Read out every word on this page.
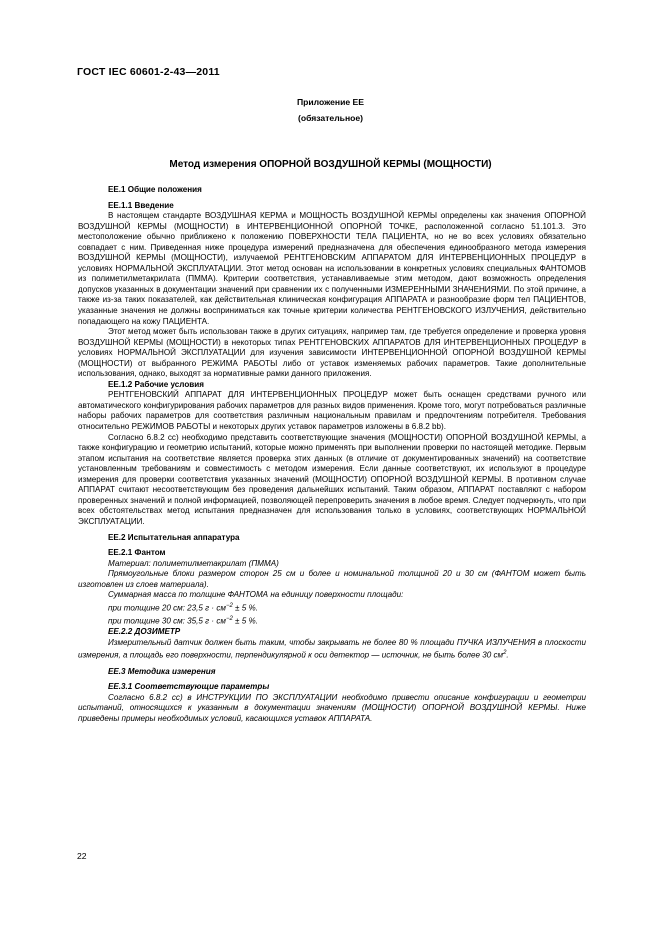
ГОСТ IEC 60601-2-43—2011
Приложение ЕЕ
(обязательное)
Метод измерения ОПОРНОЙ ВОЗДУШНОЙ КЕРМЫ (МОЩНОСТИ)

ЕЕ.1 Общие положения

ЕЕ.1.1 Введение

В настоящем стандарте ВОЗДУШНАЯ КЕРМА и МОЩНОСТЬ ВОЗДУШНОЙ КЕРМЫ определены как значения ОПОРНОЙ ВОЗДУШНОЙ КЕРМЫ (МОЩНОСТИ) в ИНТЕРВЕНЦИОННОЙ ОПОРНОЙ ТОЧКЕ, расположенной согласно 51.101.3. Это местоположение обычно приближено к положению ПОВЕРХНОСТИ ТЕЛА ПАЦИЕНТА, но не во всех условиях обязательно совпадает с ним. Приведенная ниже процедура измерений предназначена для обеспечения единообразного метода измерения ВОЗДУШНОЙ КЕРМЫ (МОЩНОСТИ), излучаемой РЕНТГЕНОВСКИМ АППАРАТОМ ДЛЯ ИНТЕРВЕНЦИОННЫХ ПРОЦЕДУР в условиях НОРМАЛЬНОЙ ЭКСПЛУАТАЦИИ. Этот метод основан на использовании в конкретных условиях специальных ФАНТОМОВ из полиметилметакрилата (ПММА). Критерии соответствия, устанавливаемые этим методом, дают возможность определения допусков указанных в документации значений при сравнении их с полученными ИЗМЕРЕННЫМИ ЗНАЧЕНИЯМИ. По этой причине, а также из-за таких показателей, как действительная клиническая конфигурация АППАРАТА и разнообразие форм тел ПАЦИЕНТОВ, указанные значения не должны восприниматься как точные критерии количества РЕНТГЕНОВСКОГО ИЗЛУЧЕНИЯ, действительно попадающего на кожу ПАЦИЕНТА.

Этот метод может быть использован также в других ситуациях, например там, где требуется определение и проверка уровня ВОЗДУШНОЙ КЕРМЫ (МОЩНОСТИ) в некоторых типах РЕНТГЕНОВСКИХ АППАРАТОВ ДЛЯ ИНТЕРВЕНЦИОННЫХ ПРОЦЕДУР в условиях НОРМАЛЬНОЙ ЭКСПЛУАТАЦИИ для изучения зависимости ИНТЕРВЕНЦИОННОЙ ОПОРНОЙ ВОЗДУШНОЙ КЕРМЫ (МОЩНОСТИ) от выбранного РЕЖИМА РАБОТЫ либо от уставок изменяемых рабочих параметров. Такие дополнительные использования, однако, выходят за нормативные рамки данного приложения.

ЕЕ.1.2 Рабочие условия

РЕНТГЕНОВСКИЙ АППАРАТ ДЛЯ ИНТЕРВЕНЦИОННЫХ ПРОЦЕДУР может быть оснащен средствами ручного или автоматического конфигурирования рабочих параметров для разных видов применения. Кроме того, могут потребоваться различные наборы рабочих параметров для соответствия различным национальным правилам и предпочтениям потребителя. Требования относительно РЕЖИМОВ РАБОТЫ и некоторых других уставок параметров изложены в 6.8.2 bb).

Согласно 6.8.2 cc) необходимо представить соответствующие значения (МОЩНОСТИ) ОПОРНОЙ ВОЗДУШНОЙ КЕРМЫ, а также конфигурацию и геометрию испытаний, которые можно применять при выполнении проверки по настоящей методике. Первым этапом испытания на соответствие является проверка этих данных (в отличие от документированных значений) на соответствие установленным требованиям и совместимость с методом измерения. Если данные соответствуют, их используют в процедуре измерения для проверки соответствия указанных значений (МОЩНОСТИ) ОПОРНОЙ ВОЗДУШНОЙ КЕРМЫ. В противном случае АППАРАТ считают несоответствующим без проведения дальнейших испытаний. Таким образом, АППАРАТ поставляют с набором проверенных значений и полной информацией, позволяющей перепроверить значения в любое время. Следует подчеркнуть, что при всех обстоятельствах метод испытания предназначен для использования только в условиях, соответствующих НОРМАЛЬНОЙ ЭКСПЛУАТАЦИИ.

ЕЕ.2 Испытательная аппаратура

ЕЕ.2.1 Фантом

Материал: полиметилметакрилат (ПММА)

Прямоугольные блоки размером сторон 25 см и более и номинальной толщиной 20 и 30 см (ФАНТОМ может быть изготовлен из слоев материала).

Суммарная масса по толщине ФАНТОМА на единицу поверхности площади:

при толщине 20 см: 23,5 $г \cdot см^{-2} \pm 5$ %.

при толщине 30 см: 35,5 $г \cdot см^{-2} \pm 5$ %.

ЕЕ.2.2 ДОЗИМЕТР

Измерительный датчик должен быть таким, чтобы закрывать не более 80 % площади ПУЧКА ИЗЛУЧЕНИЯ в плоскости измерения, а площадь его поверхности, перпендикулярной к оси детектор — источник, не быть более 30 $см^2$.

ЕЕ.3 Методика измерения

ЕЕ.3.1 Соответствующие параметры

Согласно 6.8.2 cc) в ИНСТРУКЦИИ ПО ЭКСПЛУАТАЦИИ необходимо привести описание конфигурации и геометрии испытаний, относящихся к указанным в документации значениям (МОЩНОСТИ) ОПОРНОЙ ВОЗДУШНОЙ КЕРМЫ. Ниже приведены примеры необходимых условий, касающихся уставок АППАРАТА.

22
